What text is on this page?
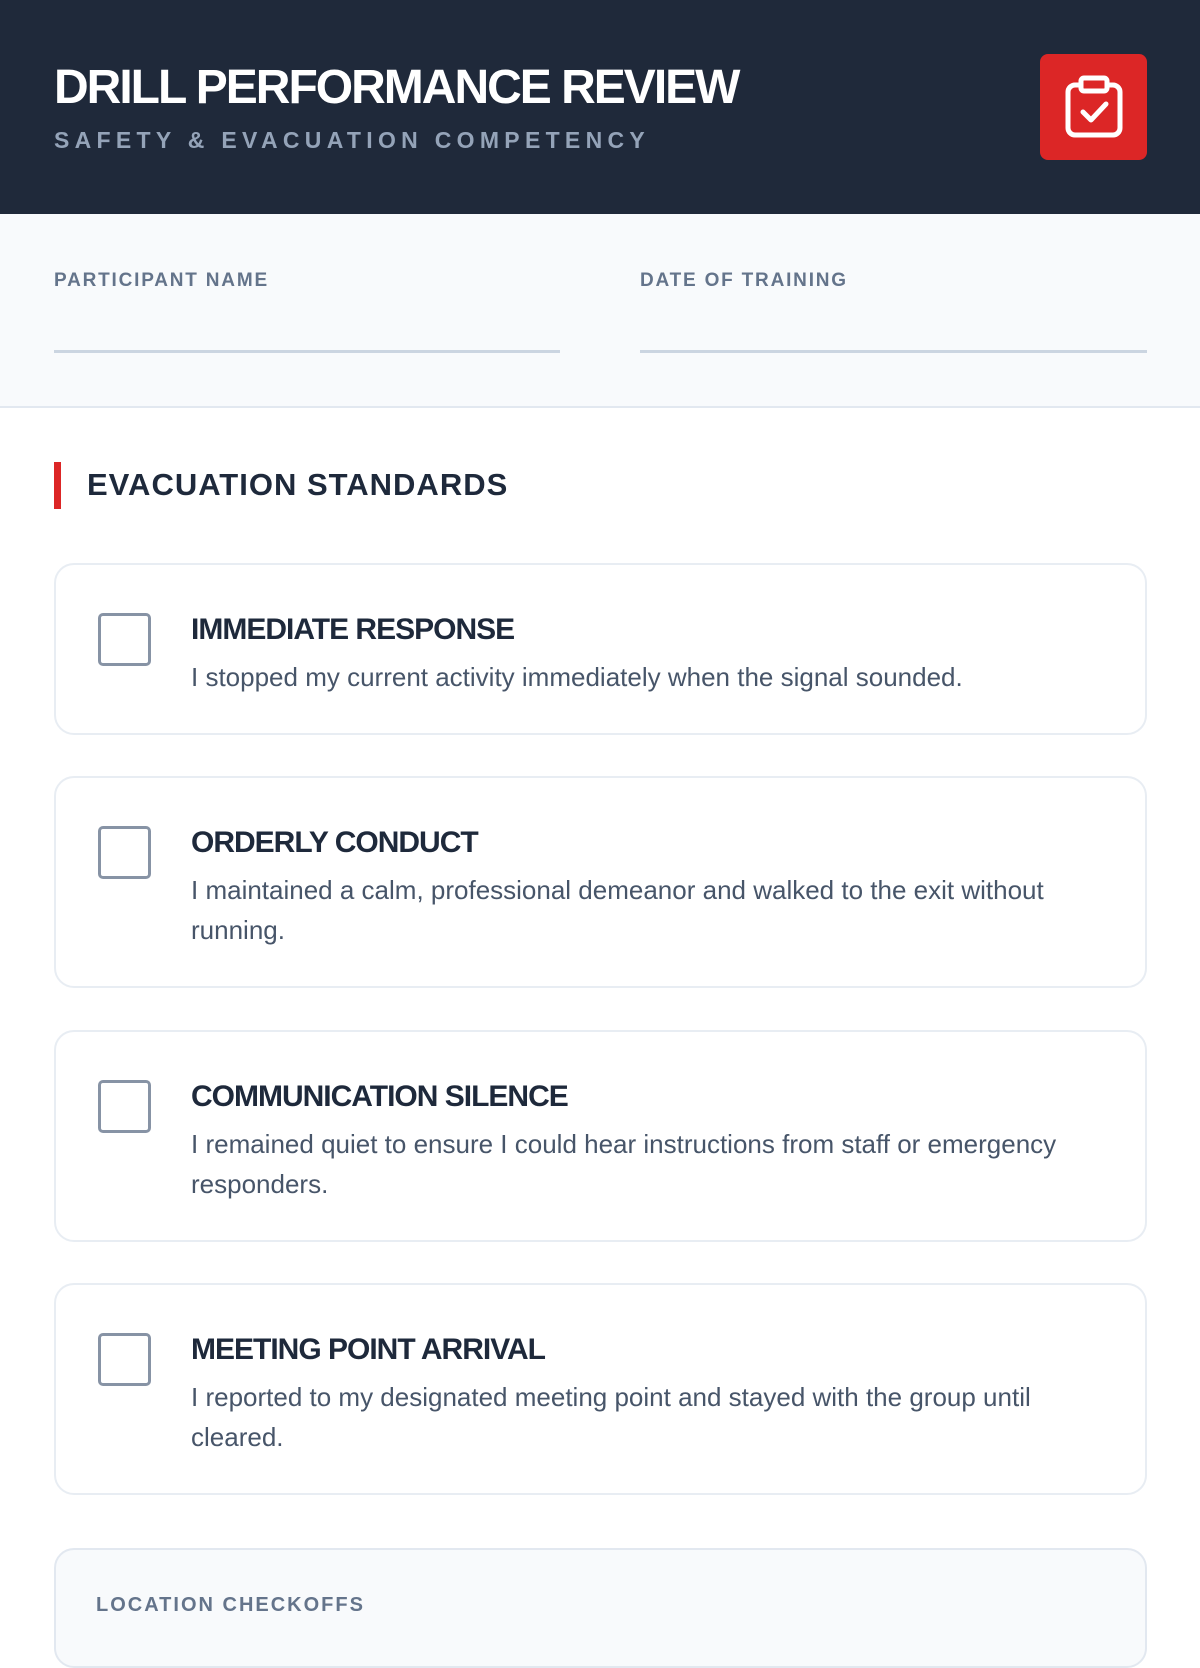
DRILL PERFORMANCE REVIEW
SAFETY & EVACUATION COMPETENCY
PARTICIPANT NAME	DATE OF TRAINING
EVACUATION STANDARDS
IMMEDIATE RESPONSE
I stopped my current activity immediately when the signal sounded.
ORDERLY CONDUCT
I maintained a calm, professional demeanor and walked to the exit without running.
COMMUNICATION SILENCE
I remained quiet to ensure I could hear instructions from staff or emergency responders.
MEETING POINT ARRIVAL
I reported to my designated meeting point and stayed with the group until cleared.
LOCATION CHECKOFFS
